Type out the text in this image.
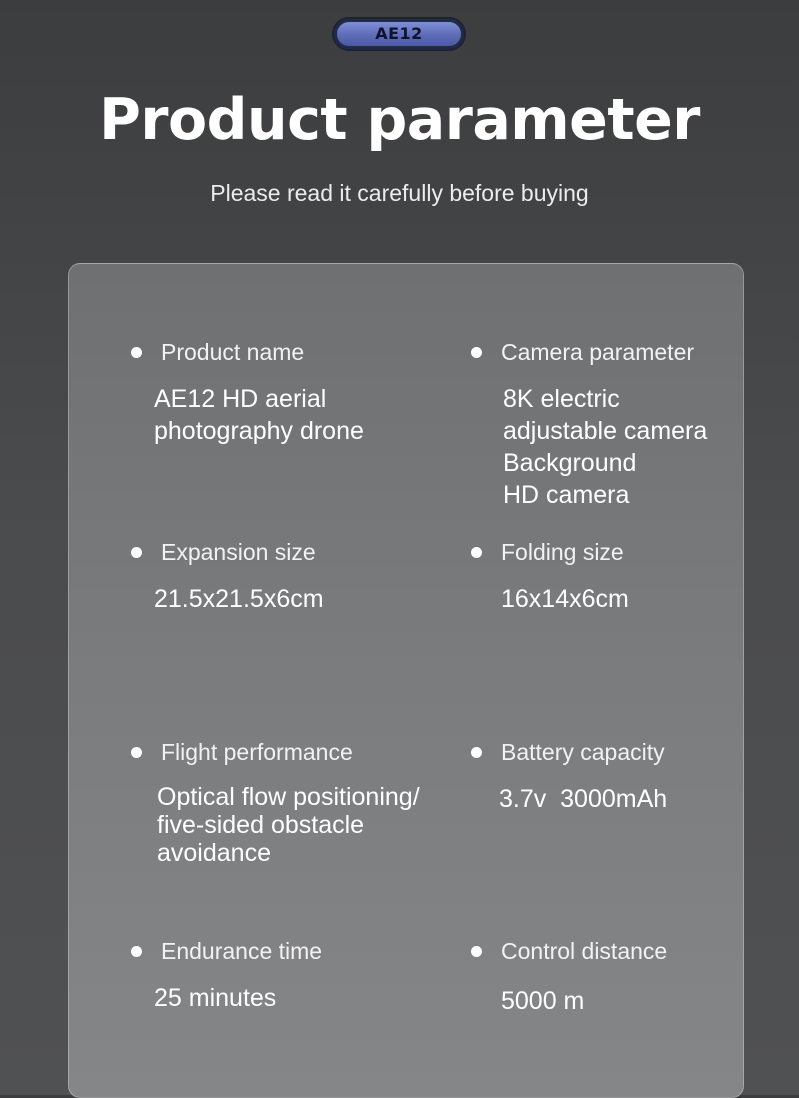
AE12
Product parameter
Please read it carefully before buying
Product name
AE12 HD aerial
photography drone
Camera parameter
8K electric
adjustable camera
Background
HD camera
Expansion size
21.5x21.5x6cm
Folding size
16x14x6cm
Flight performance
Optical flow positioning/
five-sided obstacle
avoidance
Battery capacity
3.7v  3000mAh
Endurance time
25 minutes
Control distance
5000 m
